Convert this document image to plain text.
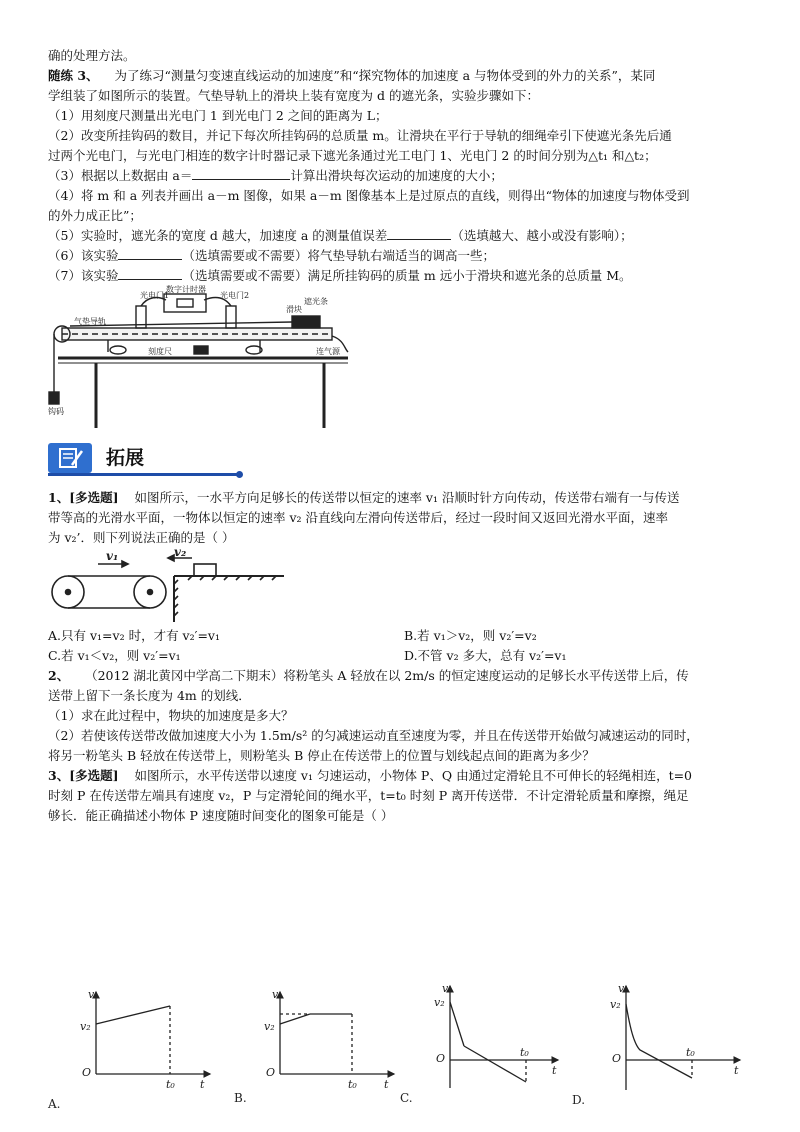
确的处理方法。

随练 3、 为了练习“测量匀变速直线运动的加速度”和“探究物体的加速度 a 与物体受到的外力的关系”，某同

学组装了如图所示的装置。气垫导轨上的滑块上装有宽度为 d 的遮光条，实验步骤如下：

（1）用刻度尺测量出光电门 1 到光电门 2 之间的距离为 L；

（2）改变所挂钩码的数目，并记下每次所挂钩码的总质量 m。让滑块在平行于导轨的细绳牵引下使遮光条先后通

过两个光电门，与光电门相连的数字计时器记录下遮光条通过光工电门 1、光电门 2 的时间分别为△t₁ 和△t₂；

（3）根据以上数据由 a＝	计算出滑块每次运动的加速度的大小；

（4）将 m 和 a 列表并画出 a－m 图像，如果 a－m 图像基本上是过原点的直线，则得出“物体的加速度与物体受到

的外力成正比”；

（5）实验时，遮光条的宽度 d 越大，加速度 a 的测量值误差	（选填越大、越小或没有影响）；

（6）该实验	（选填需要或不需要）将气垫导轨右端适当的调高一些；

（7）该实验	（选填需要或不需要）满足所挂钩码的质量 m 远小于滑块和遮光条的总质量 M。

光电门1
数字计时器
光电门2
气垫导轨
滑块
遮光条
刻度尺	连气源
钩码
拓展

1、[多选题] 如图所示，一水平方向足够长的传送带以恒定的速率 v₁ 沿顺时针方向传动，传送带右端有一与传送

带等高的光滑水平面，一物体以恒定的速率 v₂ 沿直线向左滑向传送带后，经过一段时间又返回光滑水平面，速率

为 v₂’．则下列说法正确的是（ ）

v₁	v₂
A.只有 v₁=v₂ 时，才有 v₂′=v₁	B.若 v₁＞v₂，则 v₂′=v₂
C.若 v₁＜v₂，则 v₂′=v₁	D.不管 v₂ 多大，总有 v₂′=v₁

2、 （2012 湖北黄冈中学高二下期末）将粉笔头 A 轻放在以 2m/s 的恒定速度运动的足够长水平传送带上后，传

送带上留下一条长度为 4m 的划线．

（1）求在此过程中，物块的加速度是多大？

（2）若使该传送带改做加速度大小为 1.5m/s² 的匀减速运动直至速度为零，并且在传送带开始做匀减速运动的同时，

将另一粉笔头 B 轻放在传送带上，则粉笔头 B 停止在传送带上的位置与划线起点间的距离为多少？

3、[多选题] 如图所示，水平传送带以速度 v₁ 匀速运动，小物体 P、Q 由通过定滑轮且不可伸长的轻绳相连，t=0

时刻 P 在传送带左端具有速度 v₂，P 与定滑轮间的绳水平，t=t₀ 时刻 P 离开传送带．不计定滑轮质量和摩擦，绳足

够长．能正确描述小物体 P 速度随时间变化的图象可能是（ ）

v
t
O
v₂
t₀
A.
v
t
O
v₂
t₀
B.
v
t
O
v₂
t₀
C.
v
t
O
v₂
t₀
D.
